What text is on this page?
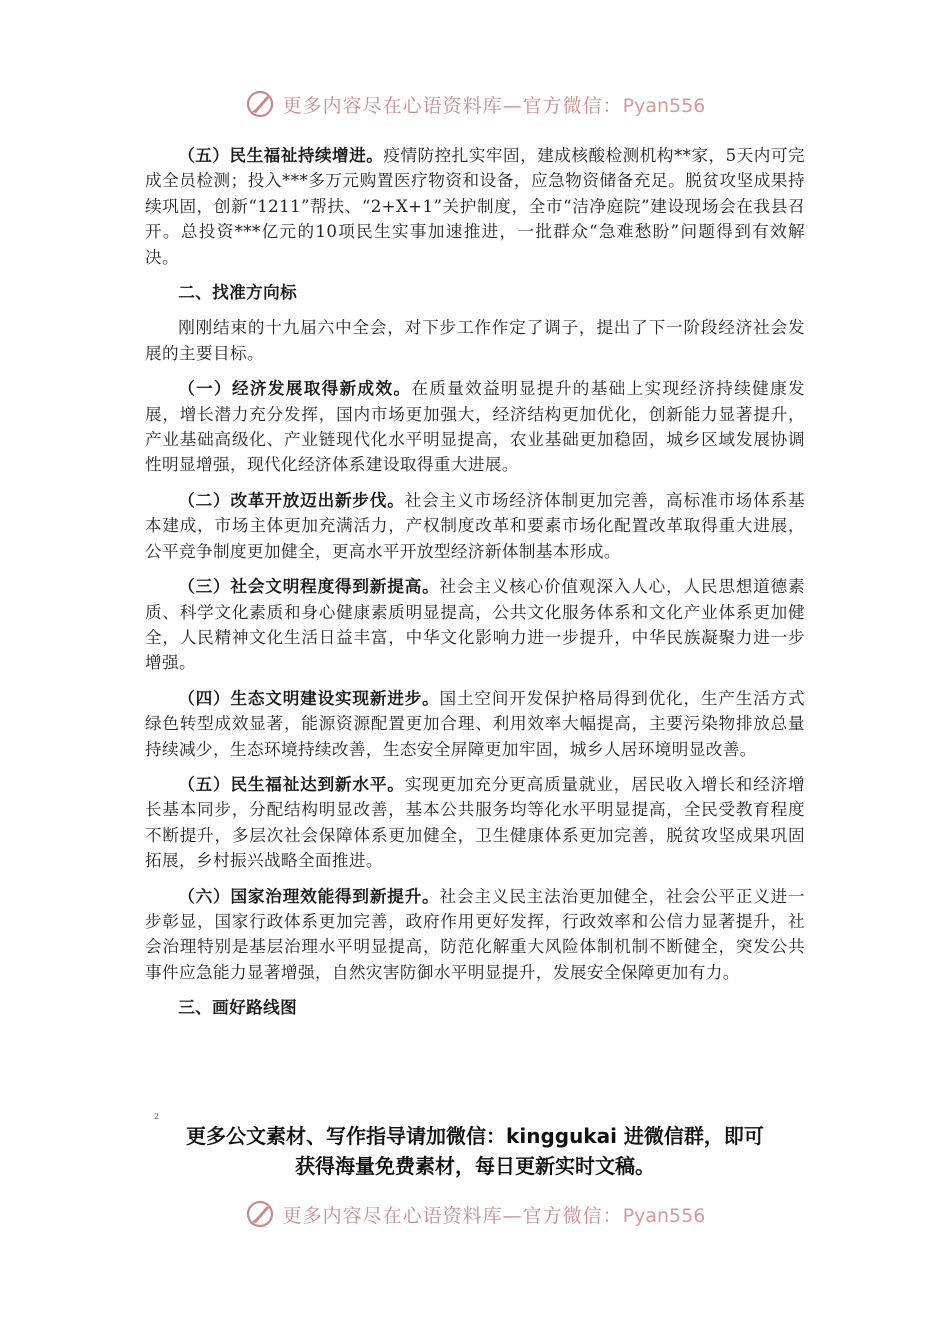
更多内容尽在心语资料库—官方微信：Pyan556

（五）民生福祉持续增进。疫情防控扎实牢固，建成核酸检测机构**家，5天内可完成全员检测；投入***多万元购置医疗物资和设备，应急物资储备充足。脱贫攻坚成果持续巩固，创新“1211”帮扶、“2+X+1”关护制度，全市“洁净庭院”建设现场会在我县召开。总投资***亿元的10项民生实事加速推进，一批群众“急难愁盼”问题得到有效解决。

二、找准方向标

刚刚结束的十九届六中全会，对下步工作作定了调子，提出了下一阶段经济社会发展的主要目标。

（一）经济发展取得新成效。在质量效益明显提升的基础上实现经济持续健康发展，增长潜力充分发挥，国内市场更加强大，经济结构更加优化，创新能力显著提升，产业基础高级化、产业链现代化水平明显提高，农业基础更加稳固，城乡区域发展协调性明显增强，现代化经济体系建设取得重大进展。

（二）改革开放迈出新步伐。社会主义市场经济体制更加完善，高标准市场体系基本建成，市场主体更加充满活力，产权制度改革和要素市场化配置改革取得重大进展，公平竞争制度更加健全，更高水平开放型经济新体制基本形成。

（三）社会文明程度得到新提高。社会主义核心价值观深入人心，人民思想道德素质、科学文化素质和身心健康素质明显提高，公共文化服务体系和文化产业体系更加健全，人民精神文化生活日益丰富，中华文化影响力进一步提升，中华民族凝聚力进一步增强。

（四）生态文明建设实现新进步。国土空间开发保护格局得到优化，生产生活方式绿色转型成效显著，能源资源配置更加合理、利用效率大幅提高，主要污染物排放总量持续减少，生态环境持续改善，生态安全屏障更加牢固，城乡人居环境明显改善。

（五）民生福祉达到新水平。实现更加充分更高质量就业，居民收入增长和经济增长基本同步，分配结构明显改善，基本公共服务均等化水平明显提高，全民受教育程度不断提升，多层次社会保障体系更加健全，卫生健康体系更加完善，脱贫攻坚成果巩固拓展，乡村振兴战略全面推进。

（六）国家治理效能得到新提升。社会主义民主法治更加健全，社会公平正义进一步彰显，国家行政体系更加完善，政府作用更好发挥，行政效率和公信力显著提升，社会治理特别是基层治理水平明显提高，防范化解重大风险体制机制不断健全，突发公共事件应急能力显著增强，自然灾害防御水平明显提升，发展安全保障更加有力。

三、画好路线图

2
更多公文素材、写作指导请加微信：kinggukai 进微信群，即可
获得海量免费素材，每日更新实时文稿。
更多内容尽在心语资料库—官方微信：Pyan556
